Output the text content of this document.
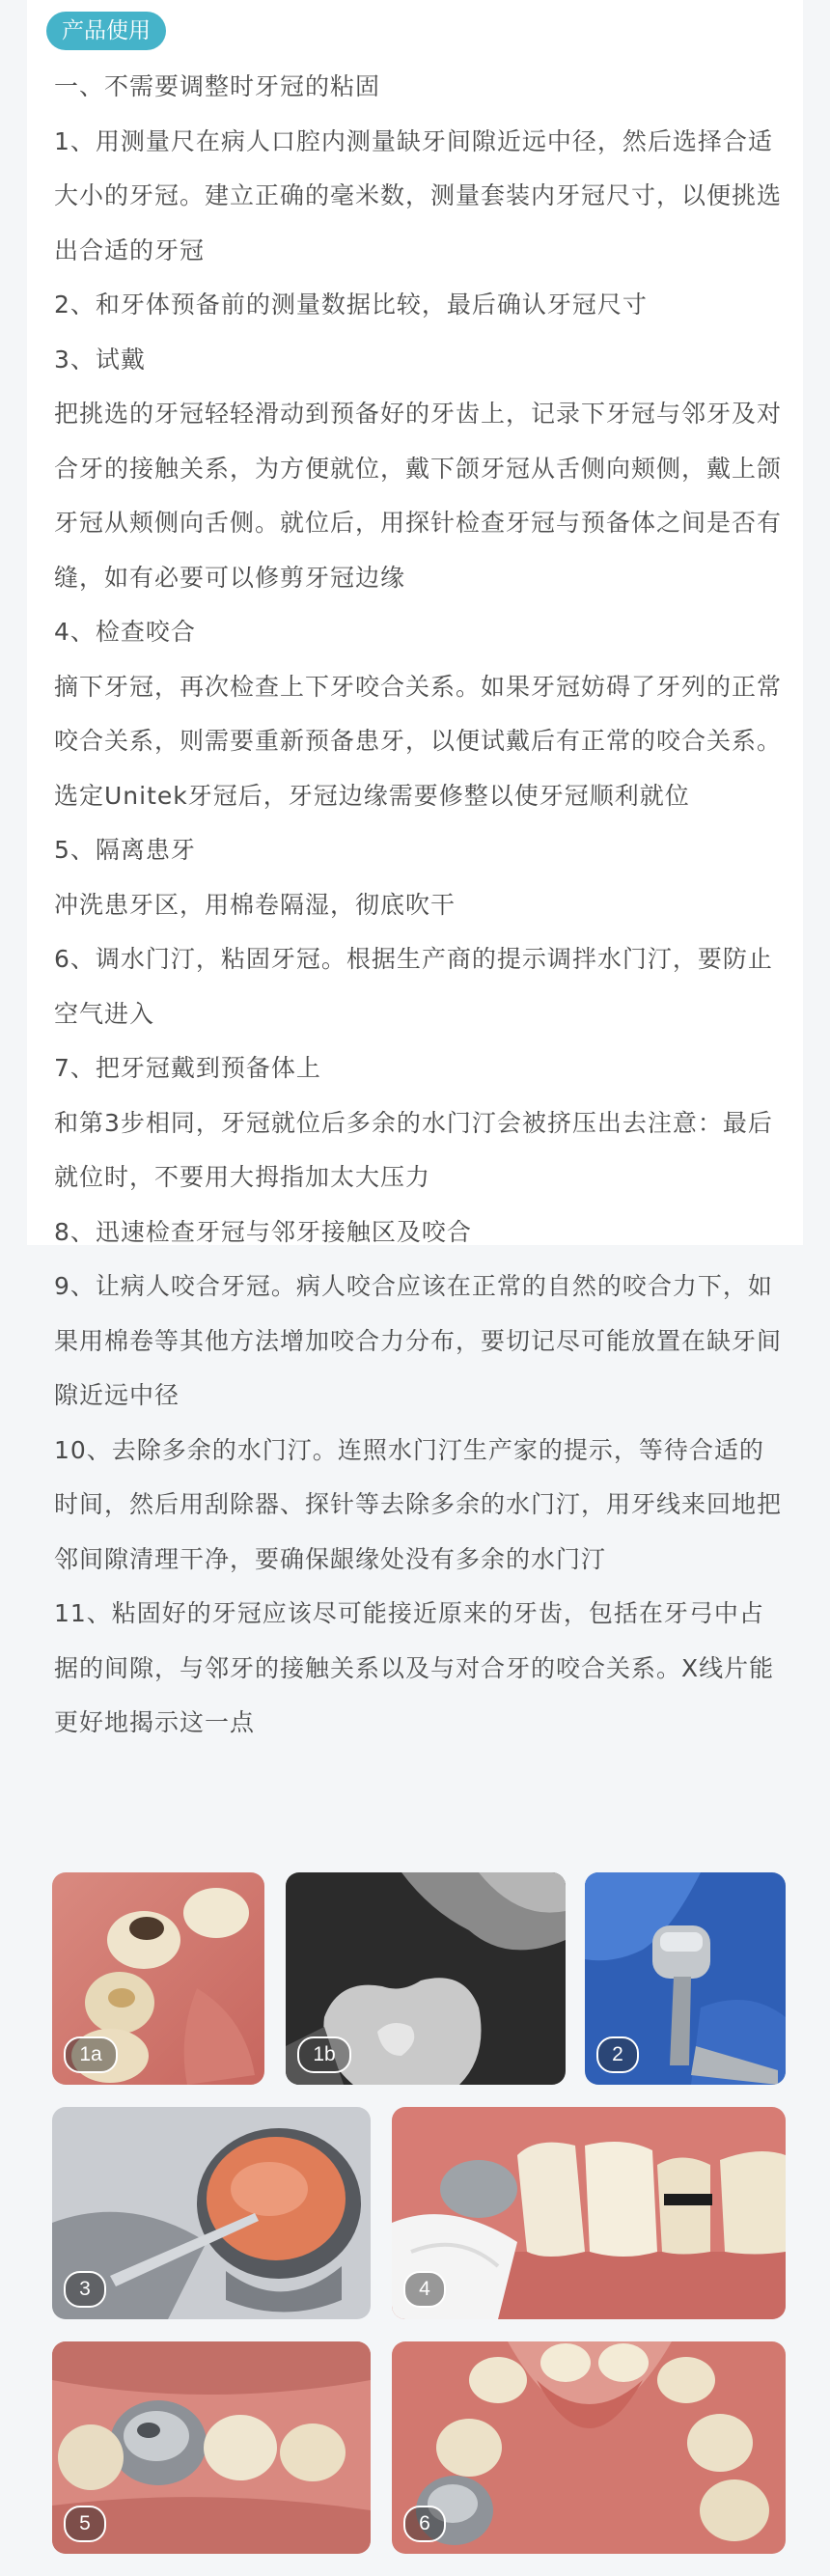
产品使用

一、不需要调整时牙冠的粘固

1、用测量尺在病人口腔内测量缺牙间隙近远中径，然后选择合适大小的牙冠。建立正确的毫米数，测量套装内牙冠尺寸，以便挑选出合适的牙冠

2、和牙体预备前的测量数据比较，最后确认牙冠尺寸

3、试戴

把挑选的牙冠轻轻滑动到预备好的牙齿上，记录下牙冠与邻牙及对合牙的接触关系，为方便就位，戴下颌牙冠从舌侧向颊侧，戴上颌牙冠从颊侧向舌侧。就位后，用探针检查牙冠与预备体之间是否有缝，如有必要可以修剪牙冠边缘

4、检查咬合

摘下牙冠，再次检查上下牙咬合关系。如果牙冠妨碍了牙列的正常咬合关系，则需要重新预备患牙，以便试戴后有正常的咬合关系。选定Unitek牙冠后，牙冠边缘需要修整以使牙冠顺利就位

5、隔离患牙

冲洗患牙区，用棉卷隔湿，彻底吹干

6、调水门汀，粘固牙冠。根据生产商的提示调拌水门汀，要防止空气进入

7、把牙冠戴到预备体上

和第3步相同，牙冠就位后多余的水门汀会被挤压出去注意：最后就位时，不要用大拇指加太大压力

8、迅速检查牙冠与邻牙接触区及咬合

9、让病人咬合牙冠。病人咬合应该在正常的自然的咬合力下，如果用棉卷等其他方法增加咬合力分布，要切记尽可能放置在缺牙间隙近远中径

10、去除多余的水门汀。连照水门汀生产家的提示，等待合适的时间，然后用刮除器、探针等去除多余的水门汀，用牙线来回地把邻间隙清理干净，要确保龈缘处没有多余的水门汀

11、粘固好的牙冠应该尽可能接近原来的牙齿，包括在牙弓中占据的间隙，与邻牙的接触关系以及与对合牙的咬合关系。X线片能更好地揭示这一点

1a	1b	2
3	4
5	6
